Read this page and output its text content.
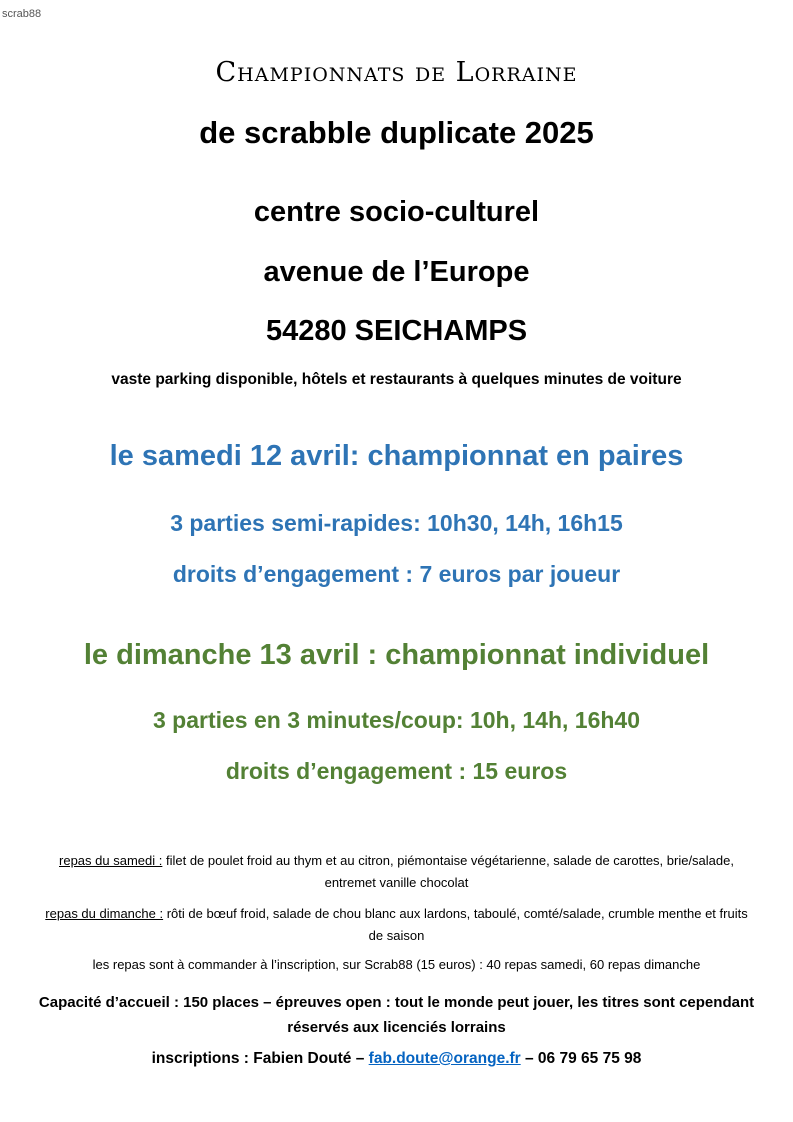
scrab88
Championnats de Lorraine
de scrabble duplicate 2025
centre socio-culturel
avenue de l’Europe
54280 SEICHAMPS
vaste parking disponible, hôtels et restaurants à quelques minutes de voiture
le samedi 12 avril: championnat en paires
3 parties semi-rapides: 10h30, 14h, 16h15
droits d’engagement : 7 euros par joueur
le dimanche 13 avril : championnat individuel
3 parties en 3 minutes/coup: 10h, 14h, 16h40
droits d’engagement : 15 euros
repas du samedi : filet de poulet froid au thym et au citron, piémontaise végétarienne, salade de carottes, brie/salade, entremet vanille chocolat
repas du dimanche : rôti de bœuf froid, salade de chou blanc aux lardons, taboulé, comté/salade, crumble menthe et fruits de saison
les repas sont à commander à l’inscription, sur Scrab88 (15 euros) : 40 repas samedi, 60 repas dimanche
Capacité d’accueil : 150 places – épreuves open : tout le monde peut jouer, les titres sont cependant réservés aux licenciés lorrains
inscriptions : Fabien Douté – fab.doute@orange.fr – 06 79 65 75 98
